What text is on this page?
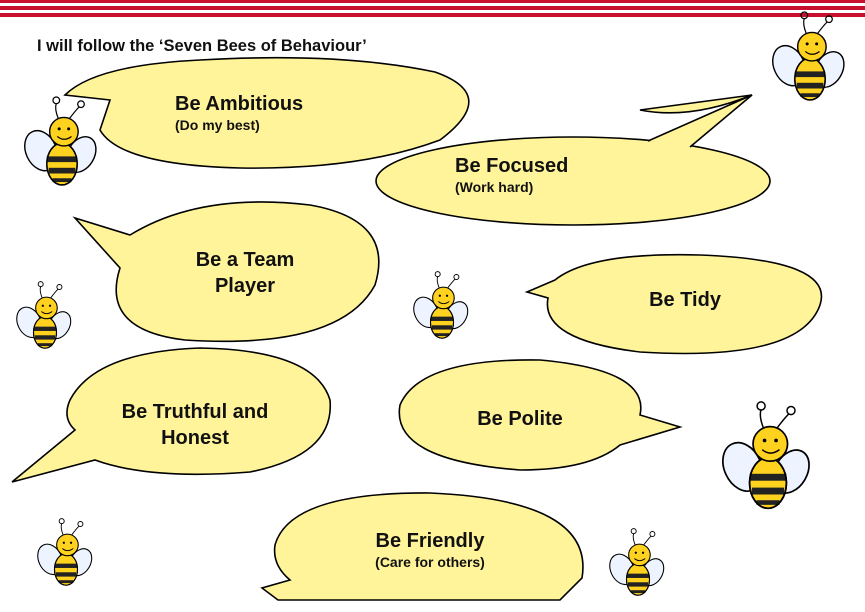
I will follow the ‘Seven Bees of Behaviour’
Be Ambitious
(Do my best)
Be Focused
(Work hard)
Be a Team Player
Be Tidy
Be Truthful and Honest
Be Polite
Be Friendly
(Care for others)
